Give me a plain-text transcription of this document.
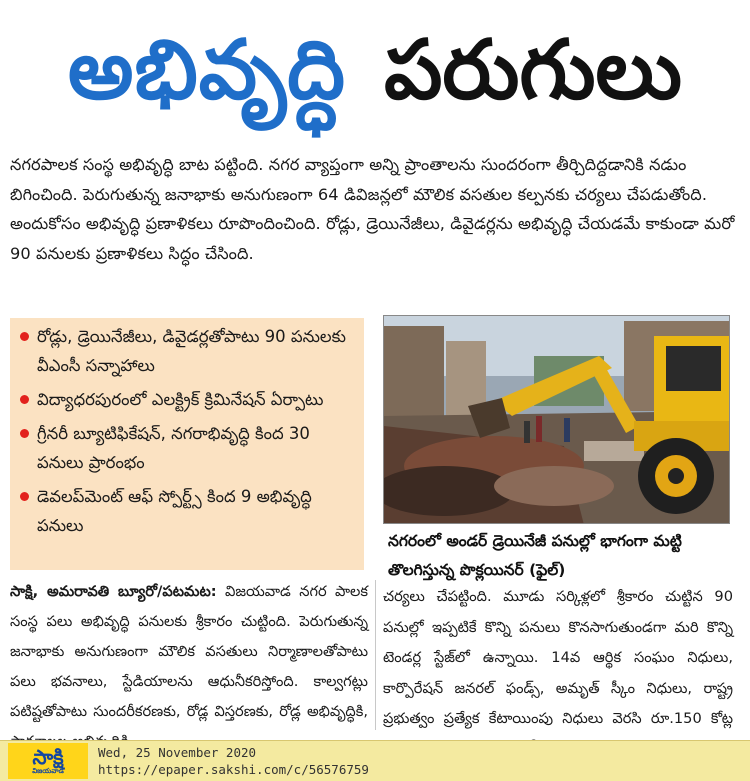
అభివృద్ధి పరుగులు

నగరపాలక సంస్థ అభివృద్ధి బాట పట్టింది. నగర వ్యాప్తంగా అన్ని ప్రాంతాలను సుందరంగా తీర్చిదిద్దడానికి నడుం బిగించింది. పెరుగుతున్న జనాభాకు అనుగుణంగా 64 డివిజన్లలో మౌలిక వసతుల కల్పనకు చర్యలు చేపడుతోంది. అందుకోసం అభివృద్ధి ప్రణాళికలు రూపొందించింది. రోడ్లు, డ్రెయినేజీలు, డివైడర్లను అభివృద్ధి చేయడమే కాకుండా మరో 90 పనులకు ప్రణాళికలు సిద్ధం చేసింది.

రోడ్లు, డ్రెయినేజీలు, డివైడర్లతోపాటు 90 పనులకు వీఎంసీ సన్నాహాలు
విద్యాధరపురంలో ఎలక్ట్రిక్ క్రిమినేషన్ ఏర్పాటు
గ్రీనరీ బ్యూటిఫికేషన్, నగరాభివృద్ధి కింద 30 పనులు ప్రారంభం
డెవలప్‌మెంట్ ఆఫ్ స్పోర్ట్స్ కింద 9 అభివృద్ధి పనులు
నగరంలో అండర్ డ్రెయినేజీ పనుల్లో భాగంగా మట్టి తొలగిస్తున్న పొక్లయినర్ (ఫైల్)
సాక్షి, అమరావతి బ్యూరో/పటమట: విజయవాడ నగర పాలక సంస్థ పలు అభివృద్ధి పనులకు శ్రీకారం చుట్టింది. పెరుగుతున్న జనాభాకు అనుగుణంగా మౌలిక వసతులు నిర్మాణాలతోపాటు పలు భవనాలు, స్టేడియాలను ఆధునీకరిస్తోంది. కాల్వగట్లు పటిష్టతోపాటు సుందరీకరణకు, రోడ్ల విస్తరణకు, రోడ్ల అభివృద్ధికి,
చర్యలు చేపట్టింది. మూడు సర్కిళ్లలో శ్రీకారం చుట్టిన 90 పనుల్లో ఇప్పటికే కొన్ని పనులు కొనసాగుతుండగా మరి కొన్ని టెండర్ల స్టేజ్‌లో ఉన్నాయి. 14వ ఆర్థిక సంఘం నిధులు, కార్పొరేషన్ జనరల్ ఫండ్స్, అమృత్ స్కీం నిధులు, రాష్ట్ర ప్రభుత్వం ప్రత్యేక కేటాయింపు నిధులు వెరసి రూ.150 కోట్ల
సాక్షి
విజయవాడ
Wed, 25 November 2020
https://epaper.sakshi.com/c/56576759
